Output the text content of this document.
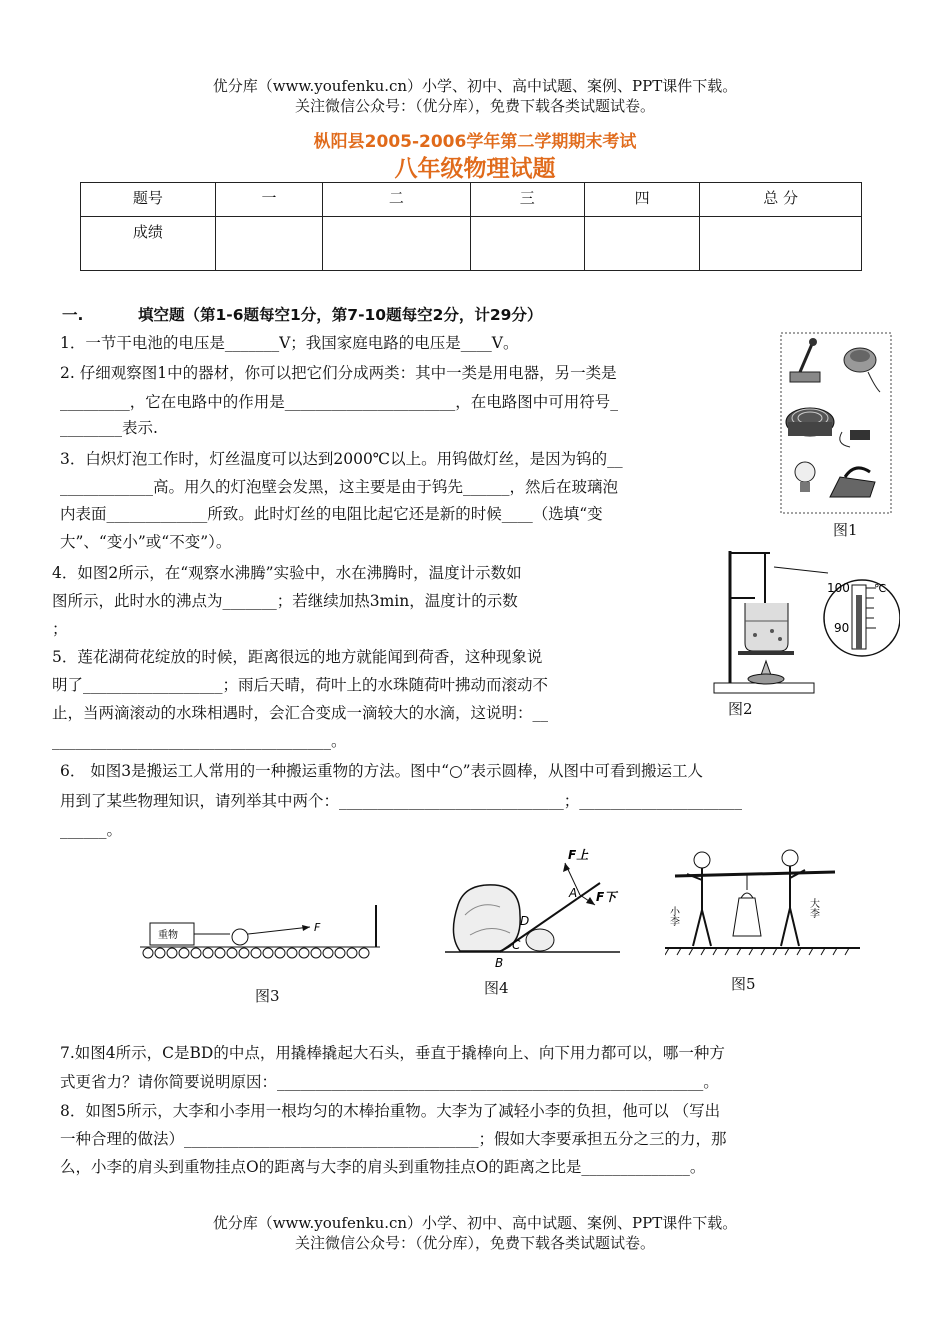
优分库（www.youfenku.cn）小学、初中、高中试题、案例、PPT课件下载。
关注微信公众号：（优分库），免费下载各类试题试卷。
枞阳县2005-2006学年第二学期期末考试
八年级物理试题
题号	一	二	三	四	总 分
成绩					
一.	填空题（第1-6题每空1分，第7-10题每空2分，计29分）
1．一节干电池的电压是_______V；我国家庭电路的电压是____V。
2. 仔细观察图1中的器材，你可以把它们分成两类：其中一类是用电器，另一类是
_________，它在电路中的作用是______________________，在电路图中可用符号_
________表示.
3．白炽灯泡工作时，灯丝温度可以达到2000℃以上。用钨做灯丝，是因为钨的__
____________高。用久的灯泡壁会发黑，这主要是由于钨先______，然后在玻璃泡
内表面_____________所致。此时灯丝的电阻比起它还是新的时候____（选填“变
大”、“变小”或“不变”）。
图1
4．如图2所示，在“观察水沸腾”实验中，水在沸腾时，温度计示数如
图所示，此时水的沸点为_______；若继续加热3min，温度计的示数
；
5．莲花湖荷花绽放的时候，距离很远的地方就能闻到荷香，这种现象说
明了__________________；雨后天晴，荷叶上的水珠随荷叶拂动而滚动不
止，当两滴滚动的水珠相遇时，会汇合变成一滴较大的水滴，这说明：__
____________________________________。
100 ℃
90
图2
6． 如图3是搬运工人常用的一种搬运重物的方法。图中“○”表示圆棒，从图中可看到搬运工人
用到了某些物理知识，请列举其中两个：_____________________________；_____________________
______。
重物
F
图3
F上
F下
A
D
C
B
图4
小李	大李
图5
7.如图4所示，C是BD的中点，用撬棒撬起大石头，垂直于撬棒向上、向下用力都可以，哪一种方
式更省力？请你简要说明原因：_______________________________________________________。
8．如图5所示，大李和小李用一根均匀的木棒抬重物。大李为了减轻小李的负担，他可以 （写出
一种合理的做法）______________________________________；假如大李要承担五分之三的力，那
么，小李的肩头到重物挂点O的距离与大李的肩头到重物挂点O的距离之比是______________。
优分库（www.youfenku.cn）小学、初中、高中试题、案例、PPT课件下载。
关注微信公众号：（优分库），免费下载各类试题试卷。
